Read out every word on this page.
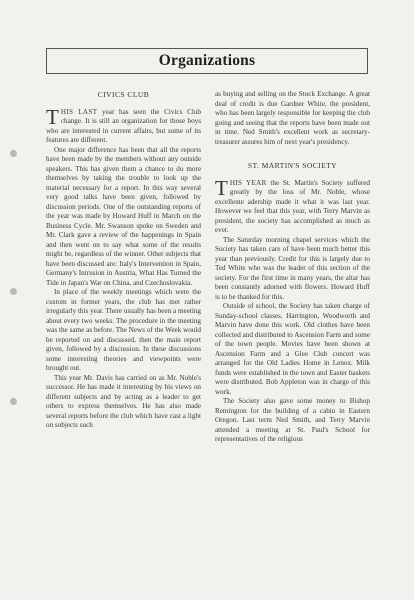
Organizations
CIVICS CLUB

THIS LAST year has seen the Civics Club change. It is still an organization for those boys who are interested in current affairs, but some of its features are different.

One major difference has been that all the reports have been made by the members without any outside speakers. This has given them a chance to do more themselves by taking the trouble to look up the material necessary for a report. In this way several very good talks have been given, followed by discussion periods. One of the outstanding reports of the year was made by Howard Huff in March on the Business Cycle. Mr. Swanson spoke on Sweden and Mr. Clark gave a review of the happenings in Spain and then went on to say what some of the results might be, regardless of the winner. Other subjects that have been discussed are: Italy's Intervention in Spain, Germany's Intrusion in Austria, What Has Turned the Tide in Japan's War on China, and Czechoslovakia.

In place of the weekly meetings which were the custom in former years, the club has met rather irregularly this year. There usually has been a meeting about every two weeks. The procedure in the meeting was the same as before. The News of the Week would be reported on and discussed, then the main report given, followed by a discussion. In these discussions some interesting theories and viewpoints were brought out.

This year Mr. Davis has carried on as Mr. Noble's successor. He has made it interesting by his views on different subjects and by acting as a leader to get others to express themselves. He has also made several reports before the club which have cast a light on subjects such

as buying and selling on the Stock Exchange. A great deal of credit is due Gardner White, the president, who has been largely responsible for keeping the club going and seeing that the reports have been made out in time. Ned Smith's excellent work as secretary-treasurer assures him of next year's presidency.

ST. MARTIN'S SOCIETY

THIS YEAR the St. Martin's Society suffered greatly by the loss of Mr. Noble, whose excellente adership made it what it was last year. However we feel that this year, with Terry Marvin as president, the society has accomplished as much as ever.

The Saturday morning chapel services which the Society has taken care of have been much better this year than previously. Credit for this is largely due to Ted White who was the leader of this section of the society. For the first time in many years, the altar has been constantly adorned with flowers. Howard Huff is to be thanked for this.

Outside of school, the Society has taken charge of Sunday-school classes. Harrington, Woodworth and Marvin have done this work. Old clothes have been collected and distributed to Ascension Farm and some of the town people. Movies have been shown at Ascension Farm and a Glee Club concert was arranged for the Old Ladies Home in Lenox. Milk funds were established in the town and Easter baskets were distributed. Bob Appleton was in charge of this work.

The Society also gave some money to Bishop Remington for the building of a cabin in Eastern Oregon. Last term Ned Smith, and Terry Marvin attended a meeting at St. Paul's School for representatives of the religious
